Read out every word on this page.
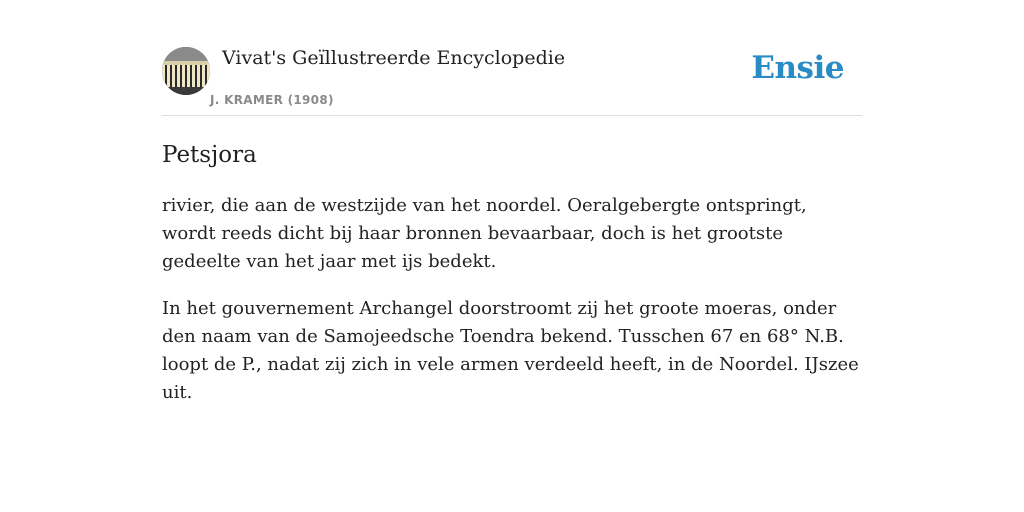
Vivat's Geïllustreerde Encyclopedie
J. KRAMER (1908)
Ensie
Petsjora

rivier, die aan de westzijde van het noordel. Oeralgebergte ontspringt, wordt reeds dicht bij haar bronnen bevaarbaar, doch is het grootste gedeelte van het jaar met ijs bedekt.

In het gouvernement Archangel doorstroomt zij het groote moeras, onder den naam van de Samojeedsche Toendra bekend. Tusschen 67 en 68° N.B. loopt de P., nadat zij zich in vele armen verdeeld heeft, in de Noordel. IJszee uit.
